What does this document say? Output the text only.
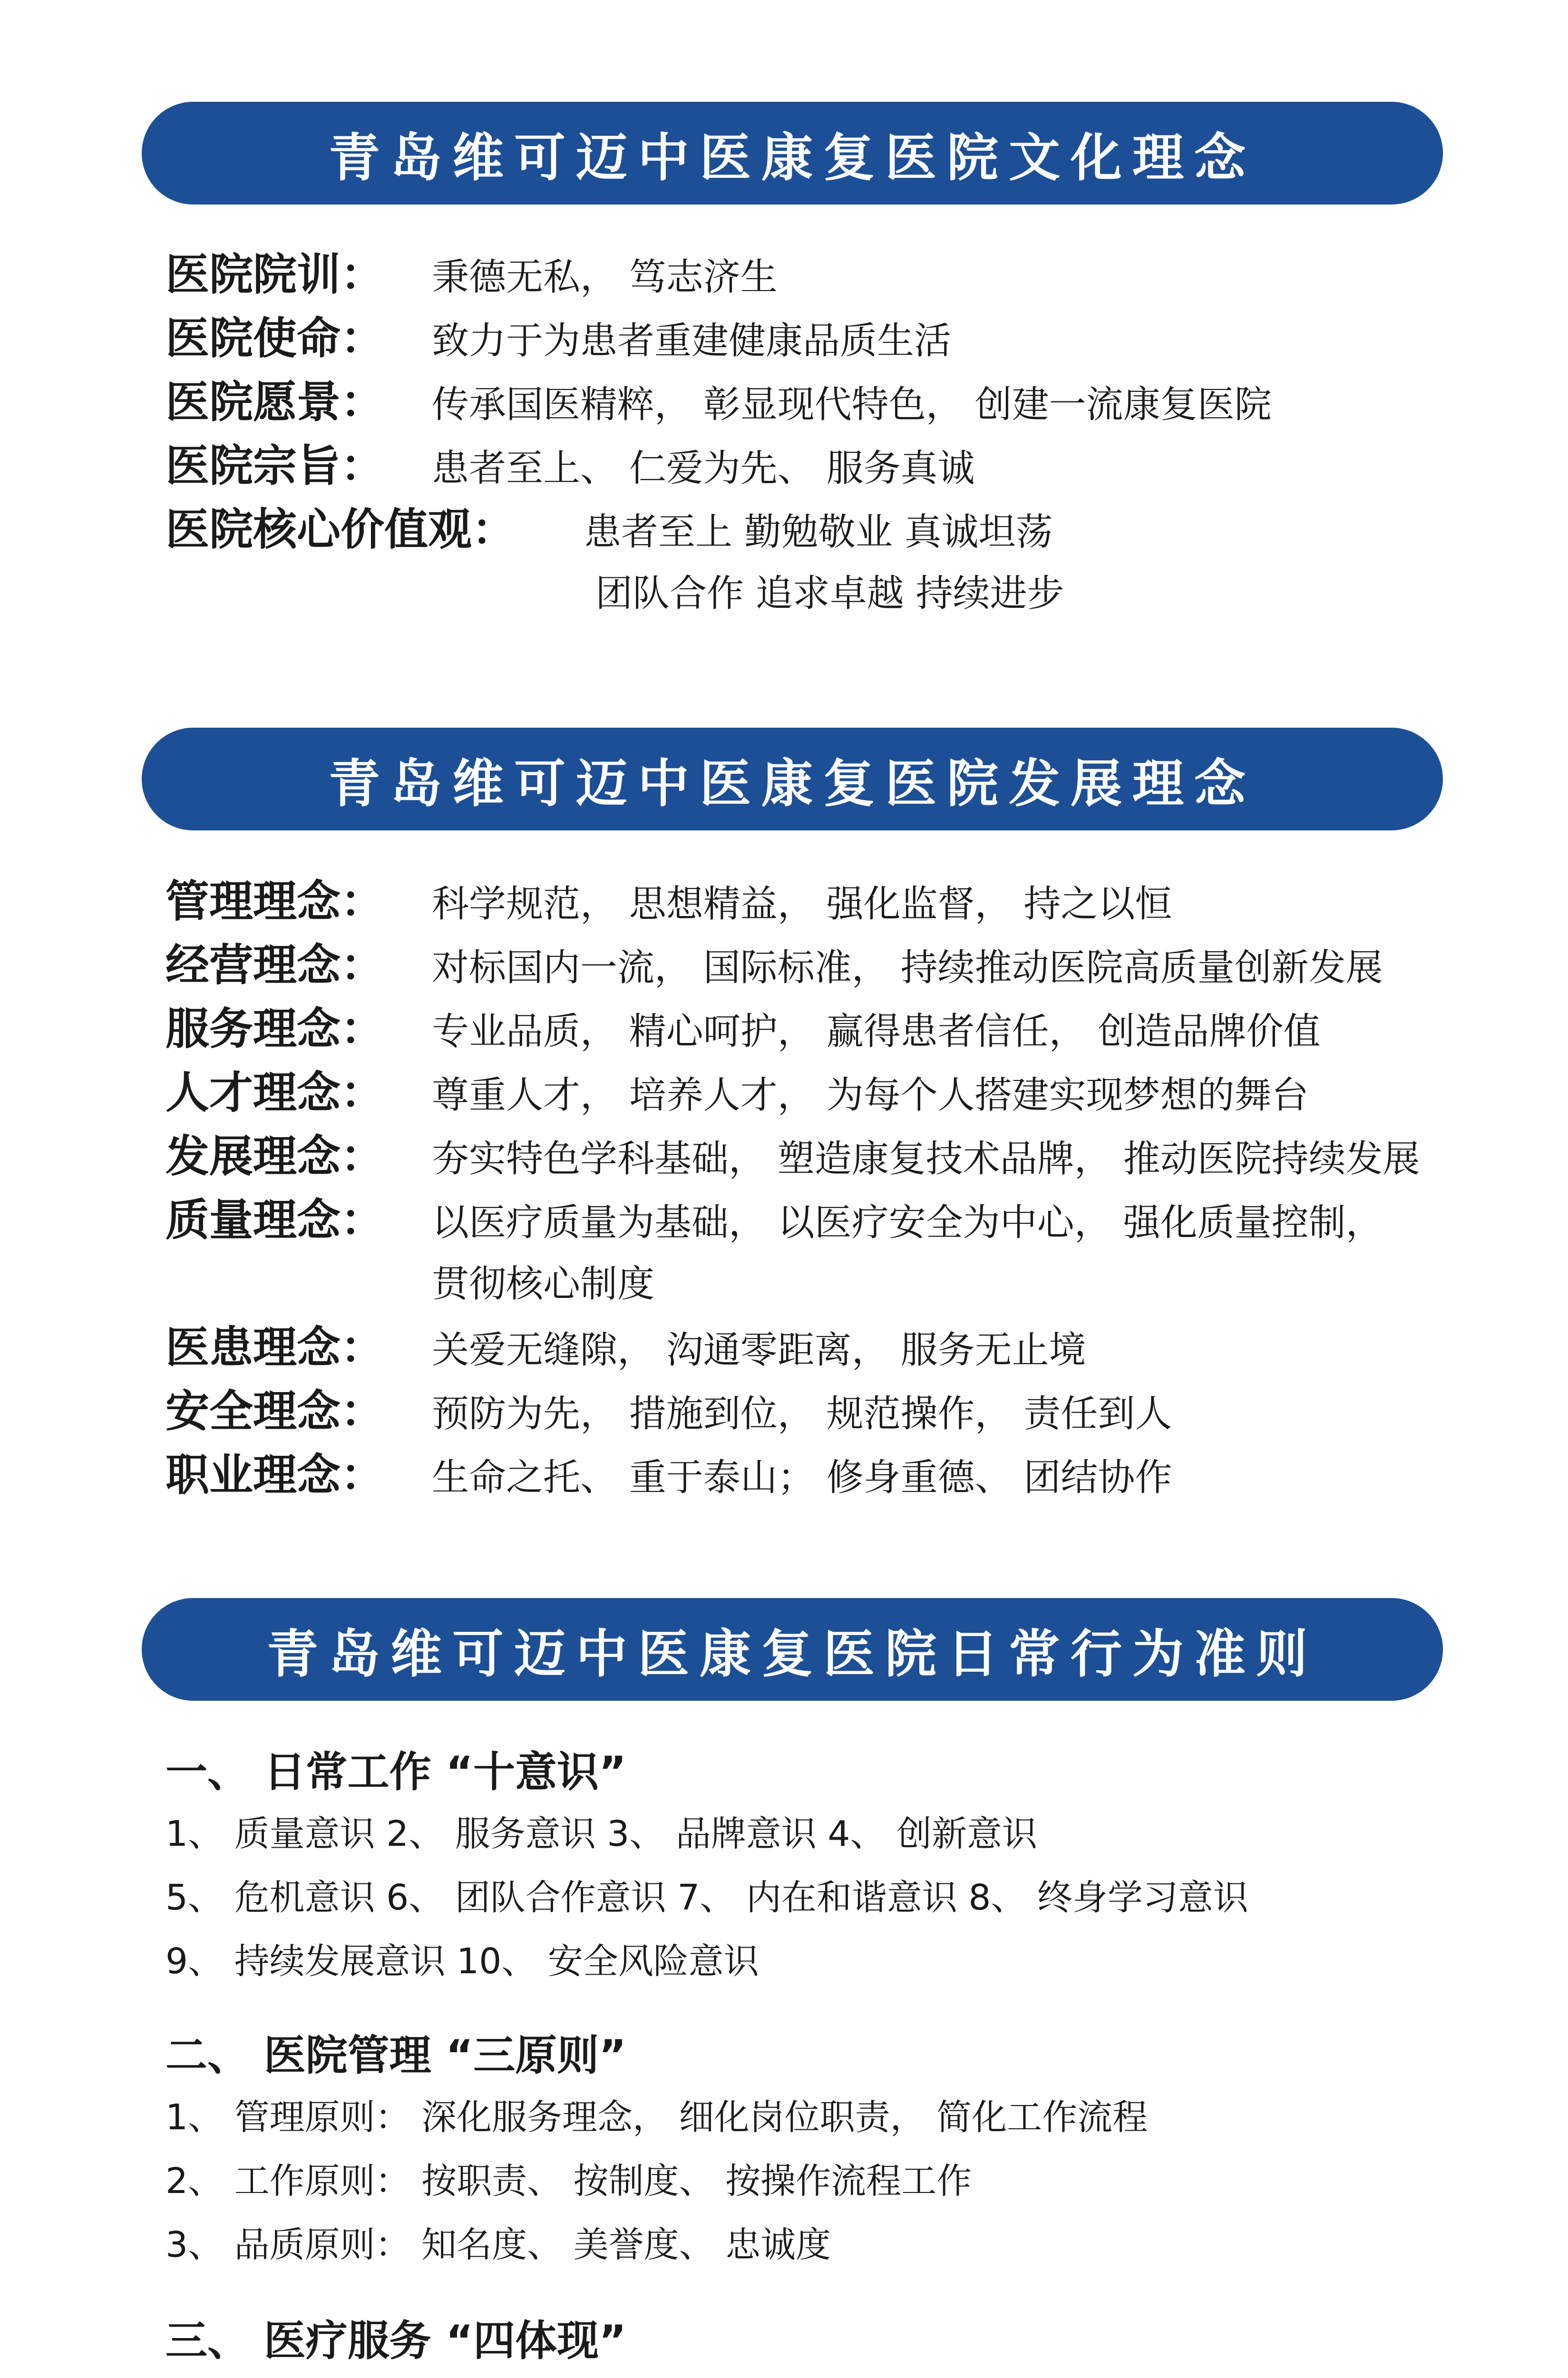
青岛维可迈中医康复医院文化理念
医院院训： 秉德无私， 笃志济生
医院使命： 致力于为患者重建健康品质生活
医院愿景： 传承国医精粹， 彰显现代特色， 创建一流康复医院
医院宗旨： 患者至上、 仁爱为先、 服务真诚
医院核心价值观： 患者至上 勤勉敬业 真诚坦荡
团队合作 追求卓越 持续进步
青岛维可迈中医康复医院发展理念
管理理念： 科学规范， 思想精益， 强化监督， 持之以恒
经营理念： 对标国内一流， 国际标准， 持续推动医院高质量创新发展
服务理念： 专业品质， 精心呵护， 赢得患者信任， 创造品牌价值
人才理念： 尊重人才， 培养人才， 为每个人搭建实现梦想的舞台
发展理念： 夯实特色学科基础， 塑造康复技术品牌， 推动医院持续发展
质量理念： 以医疗质量为基础， 以医疗安全为中心， 强化质量控制，
贯彻核心制度
医患理念： 关爱无缝隙， 沟通零距离， 服务无止境
安全理念： 预防为先， 措施到位， 规范操作， 责任到人
职业理念： 生命之托、 重于泰山； 修身重德、 团结协作
青岛维可迈中医康复医院日常行为准则
一、 日常工作 “十意识”
1、 质量意识 2、 服务意识 3、 品牌意识 4、 创新意识
5、 危机意识 6、 团队合作意识 7、 内在和谐意识 8、 终身学习意识
9、 持续发展意识 10、 安全风险意识
二、 医院管理 “三原则”
1、 管理原则： 深化服务理念， 细化岗位职责， 简化工作流程
2、 工作原则： 按职责、 按制度、 按操作流程工作
3、 品质原则： 知名度、 美誉度、 忠诚度
三、 医疗服务 “四体现”
